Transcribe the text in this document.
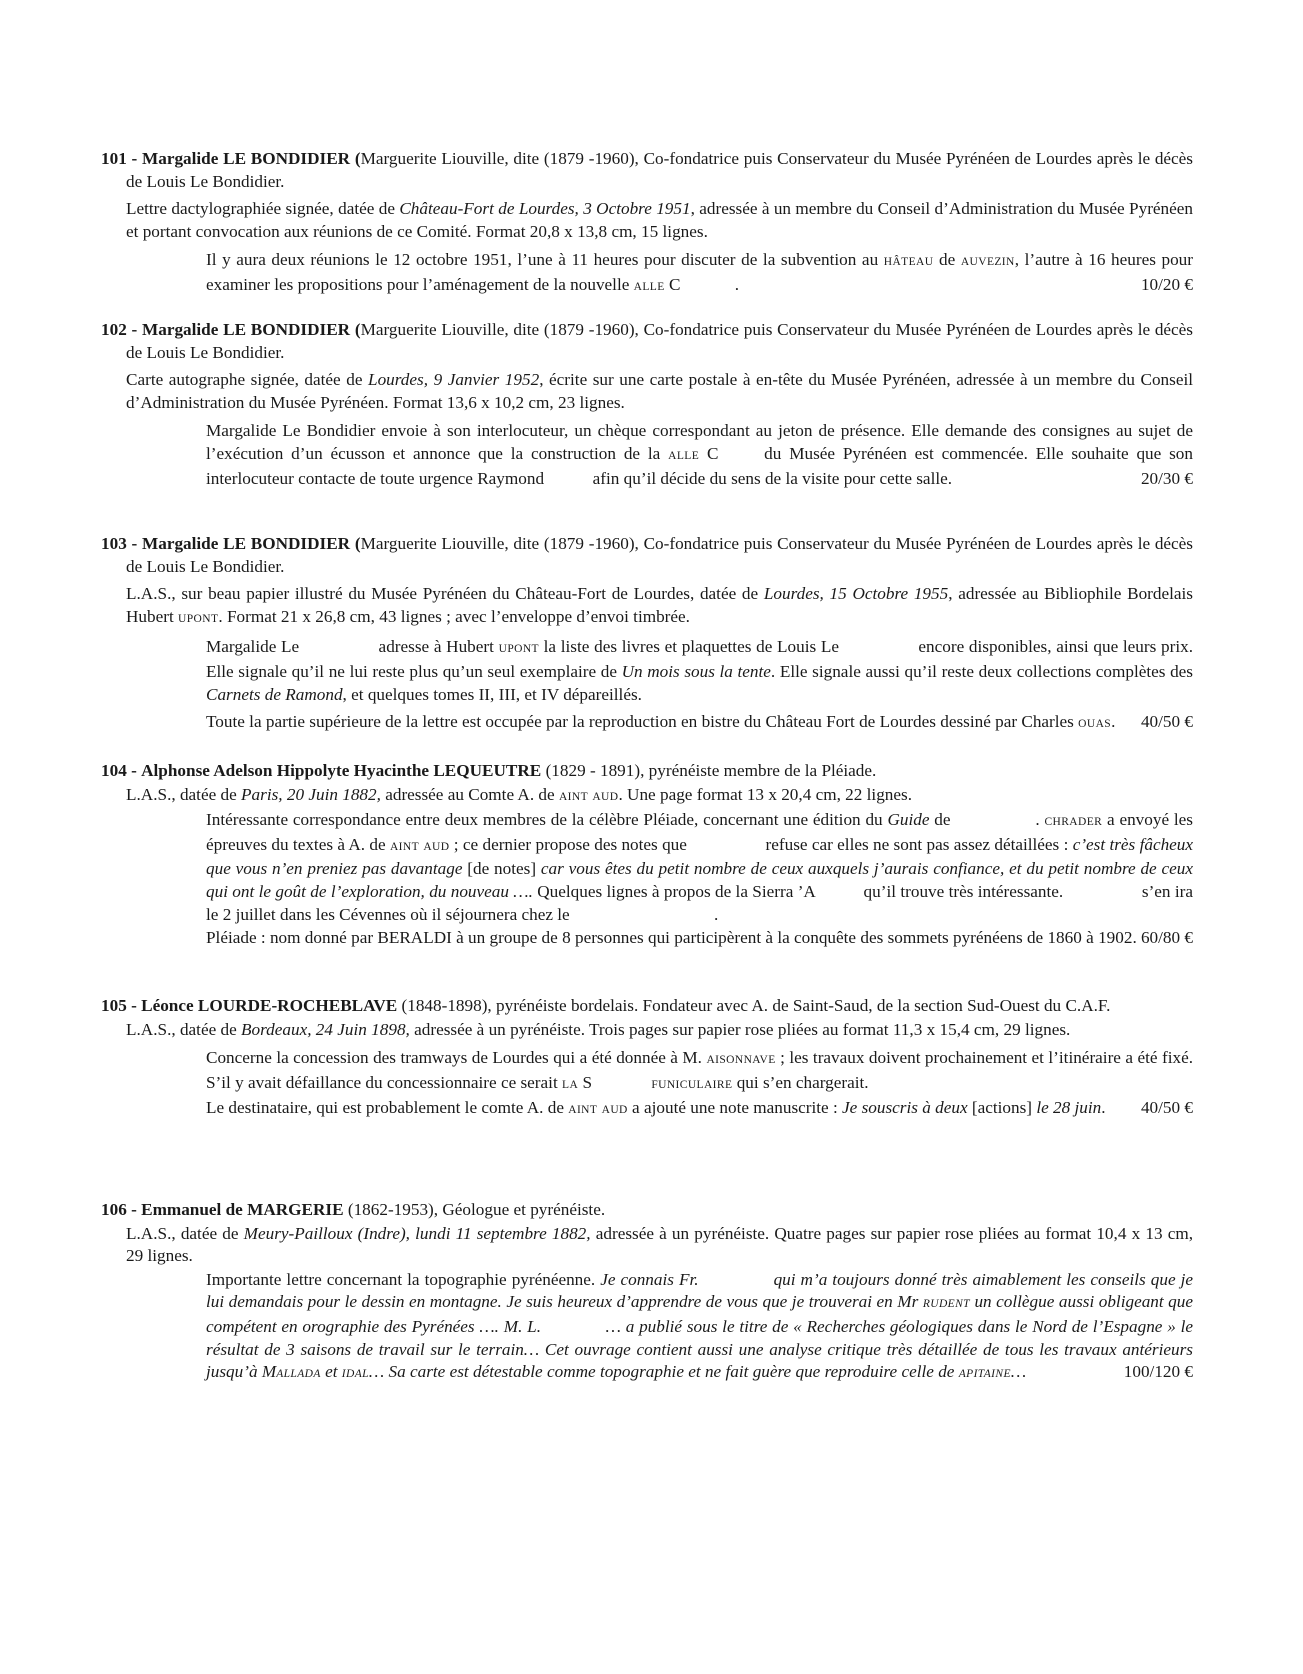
101 - Margalide LE BONDIDIER (Marguerite Liouville, dite (1879 -1960), Co-fondatrice puis Conservateur du Musée Pyrénéen de Lourdes après le décès de Louis Le Bondidier.

Lettre dactylographiée signée, datée de Château-Fort de Lourdes, 3 Octobre 1951, adressée à un membre du Conseil d’Administration du Musée Pyrénéen et portant convocation aux réunions de ce Comité. Format 20,8 x 13,8 cm, 15 lignes.

Il y aura deux réunions le 12 octobre 1951, l’une à 11 heures pour discuter de la subvention au HÂTEAU de AUVEZIN, l’autre à 16 heures pour examiner les propositions pour l’aménagement de la nouvelle ALLE C	.	10/20 €

102 - Margalide LE BONDIDIER (Marguerite Liouville, dite (1879 -1960), Co-fondatrice puis Conservateur du Musée Pyrénéen de Lourdes après le décès de Louis Le Bondidier.

Carte autographe signée, datée de Lourdes, 9 Janvier 1952, écrite sur une carte postale à en-tête du Musée Pyrénéen, adressée à un membre du Conseil d’Administration du Musée Pyrénéen. Format 13,6 x 10,2 cm, 23 lignes.

Margalide Le Bondidier envoie à son interlocuteur, un chèque correspondant au jeton de présence. Elle demande des consignes au sujet de l’exécution d’un écusson et annonce que la construction de la ALLE C  du Musée Pyrénéen est commencée. Elle souhaite que son interlocuteur contacte de toute urgence Raymond  afin qu’il décide du sens de la visite pour cette salle.	20/30 €

103 - Margalide LE BONDIDIER (Marguerite Liouville, dite (1879 -1960), Co-fondatrice puis Conservateur du Musée Pyrénéen de Lourdes après le décès de Louis Le Bondidier.

L.A.S., sur beau papier illustré du Musée Pyrénéen du Château-Fort de Lourdes, datée de Lourdes, 15 Octobre 1955, adressée au Bibliophile Bordelais Hubert UPONT. Format 21 x 26,8 cm, 43 lignes ; avec l’enveloppe d’envoi timbrée.

Margalide Le	adresse à Hubert UPONT la liste des livres et plaquettes de Louis Le	encore disponibles, ainsi que leurs prix. Elle signale qu’il ne lui reste plus qu’un seul exemplaire de Un mois sous la tente. Elle signale aussi qu’il reste deux collections complètes des Carnets de Ramond, et quelques tomes II, III, et IV dépareillés.

Toute la partie supérieure de la lettre est occupée par la reproduction en bistre du Château Fort de Lourdes dessiné par Charles OUAS. 40/50 €

104 - Alphonse Adelson Hippolyte Hyacinthe LEQUEUTRE (1829 - 1891), pyrénéiste membre de la Pléiade.

L.A.S., datée de Paris, 20 Juin 1882, adressée au Comte A. de AINT AUD. Une page format 13 x 20,4 cm, 22 lignes.

Intéressante correspondance entre deux membres de la célèbre Pléiade, concernant une édition du Guide de	. CHRADER a envoyé les épreuves du textes à A. de AINT AUD ; ce dernier propose des notes que	refuse car elles ne sont pas assez détaillées : c’est très fâcheux que vous n’en preniez pas davantage [de notes] car vous êtes du petit nombre de ceux auxquels j’aurais confiance, et du petit nombre de ceux qui ont le goût de l’exploration, du nouveau …. Quelques lignes à propos de la Sierra ’A  qu’il trouve très intéressante.	s’en ira le 2 juillet dans les Cévennes où il séjournera chez le	.

Pléiade : nom donné par BERALDI à un groupe de 8 personnes qui participèrent à la conquête des sommets pyrénéens de 1860 à 1902. 60/80 €

105 - Léonce LOURDE-ROCHEBLAVE (1848-1898), pyrénéiste bordelais. Fondateur avec A. de Saint-Saud, de la section Sud-Ouest du C.A.F.

L.A.S., datée de Bordeaux, 24 Juin 1898, adressée à un pyrénéiste. Trois pages sur papier rose pliées au format 11,3 x 15,4 cm, 29 lignes.

Concerne la concession des tramways de Lourdes qui a été donnée à M. AISONNAVE ; les travaux doivent prochainement et l’itinéraire a été fixé. S’il y avait défaillance du concessionnaire ce serait LA S	FUNICULAIRE qui s’en chargerait.

Le destinataire, qui est probablement le comte A. de AINT AUD a ajouté une note manuscrite : Je souscris à deux [actions] le 28 juin. 40/50 €

106 - Emmanuel de MARGERIE (1862-1953), Géologue et pyrénéiste.

L.A.S., datée de Meury-Pailloux (Indre), lundi 11 septembre 1882, adressée à un pyrénéiste. Quatre pages sur papier rose pliées au format 10,4 x 13 cm, 29 lignes.

Importante lettre concernant la topographie pyrénéenne. Je connais Fr.	qui m’a toujours donné très aimablement les conseils que je lui demandais pour le dessin en montagne. Je suis heureux d’apprendre de vous que je trouverai en Mr RUDENT un collègue aussi obligeant que compétent en orographie des Pyrénées …. M. L.	… a publié sous le titre de « Recherches géologiques dans le Nord de l’Espagne » le résultat de 3 saisons de travail sur le terrain… Cet ouvrage contient aussi une analyse critique très détaillée de tous les travaux antérieurs jusqu’à MALLADA et IDAL… Sa carte est détestable comme topographie et ne fait guère que reproduire celle de APITAINE…	100/120 €
